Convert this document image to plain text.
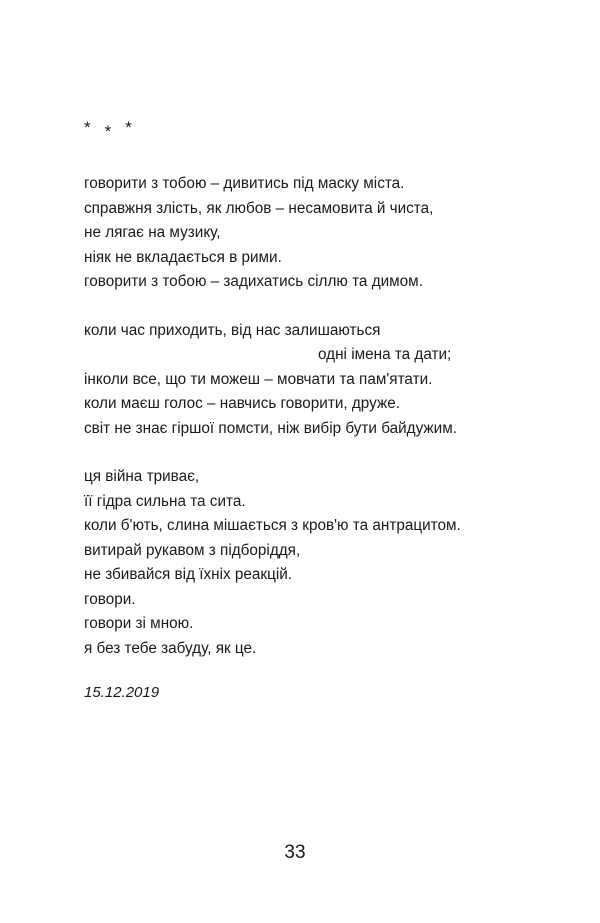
* * *
говорити з тобою – дивитись під маску міста.
справжня злість, як любов – несамовита й чиста,
не лягає на музику,
ніяк не вкладається в рими.
говорити з тобою – задихатись сіллю та димом.
коли час приходить, від нас залишаються
одні імена та дати;
інколи все, що ти можеш – мовчати та пам'ятати.
коли маєш голос – навчись говорити, друже.
світ не знає гіршої помсти, ніж вибір бути байдужим.
ця війна триває,
її гідра сильна та сита.
коли б'ють, слина мішається з кров'ю та антрацитом.
витирай рукавом з підборіддя,
не збивайся від їхніх реакцій.
говори.
говори зі мною.
я без тебе забуду, як це.
15.12.2019
33
